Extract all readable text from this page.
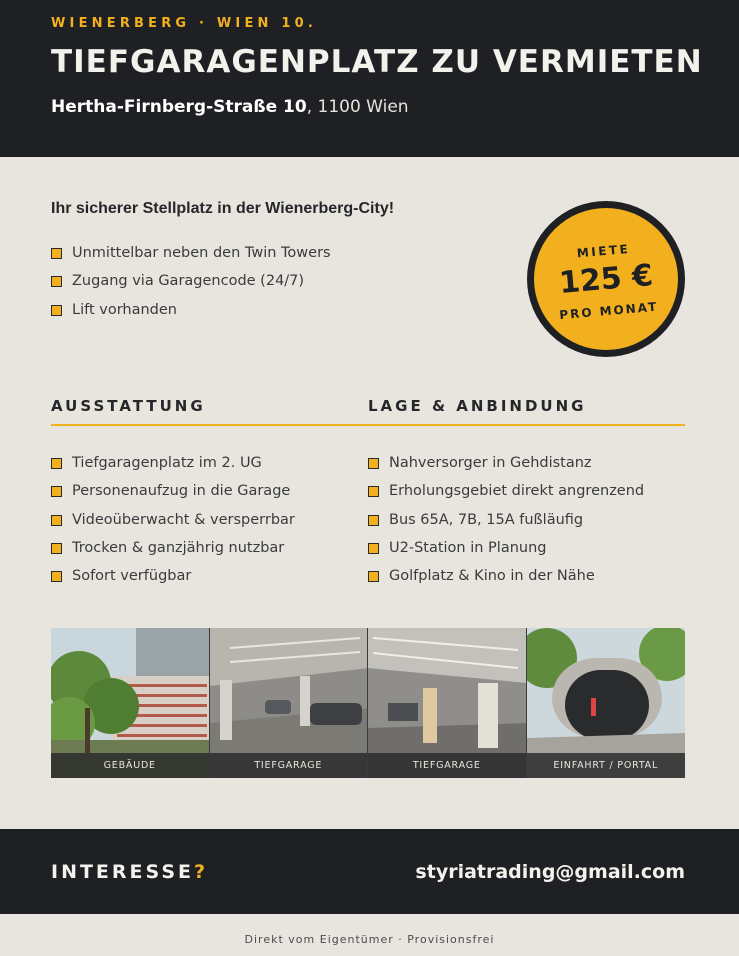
WIENERBERG · WIEN 10.
TIEFGARAGENPLATZ ZU VERMIETEN
Hertha-Firnberg-Straße 10, 1100 Wien
Ihr sicherer Stellplatz in der Wienerberg-City!
Unmittelbar neben den Twin Towers
Zugang via Garagencode (24/7)
Lift vorhanden
MIETE
125 €
PRO MONAT
AUSSTATTUNG	LAGE & ANBINDUNG
Tiefgaragenplatz im 2. UG
Personenaufzug in die Garage
Videoüberwacht & versperrbar
Trocken & ganzjährig nutzbar
Sofort verfügbar
Nahversorger in Gehdistanz
Erholungsgebiet direkt angrenzend
Bus 65A, 7B, 15A fußläufig
U2-Station in Planung
Golfplatz & Kino in der Nähe
GEBÄUDE	TIEFGARAGE	TIEFGARAGE	EINFAHRT / PORTAL
INTERESSE?	styriatrading@gmail.com
Direkt vom Eigentümer · Provisionsfrei
